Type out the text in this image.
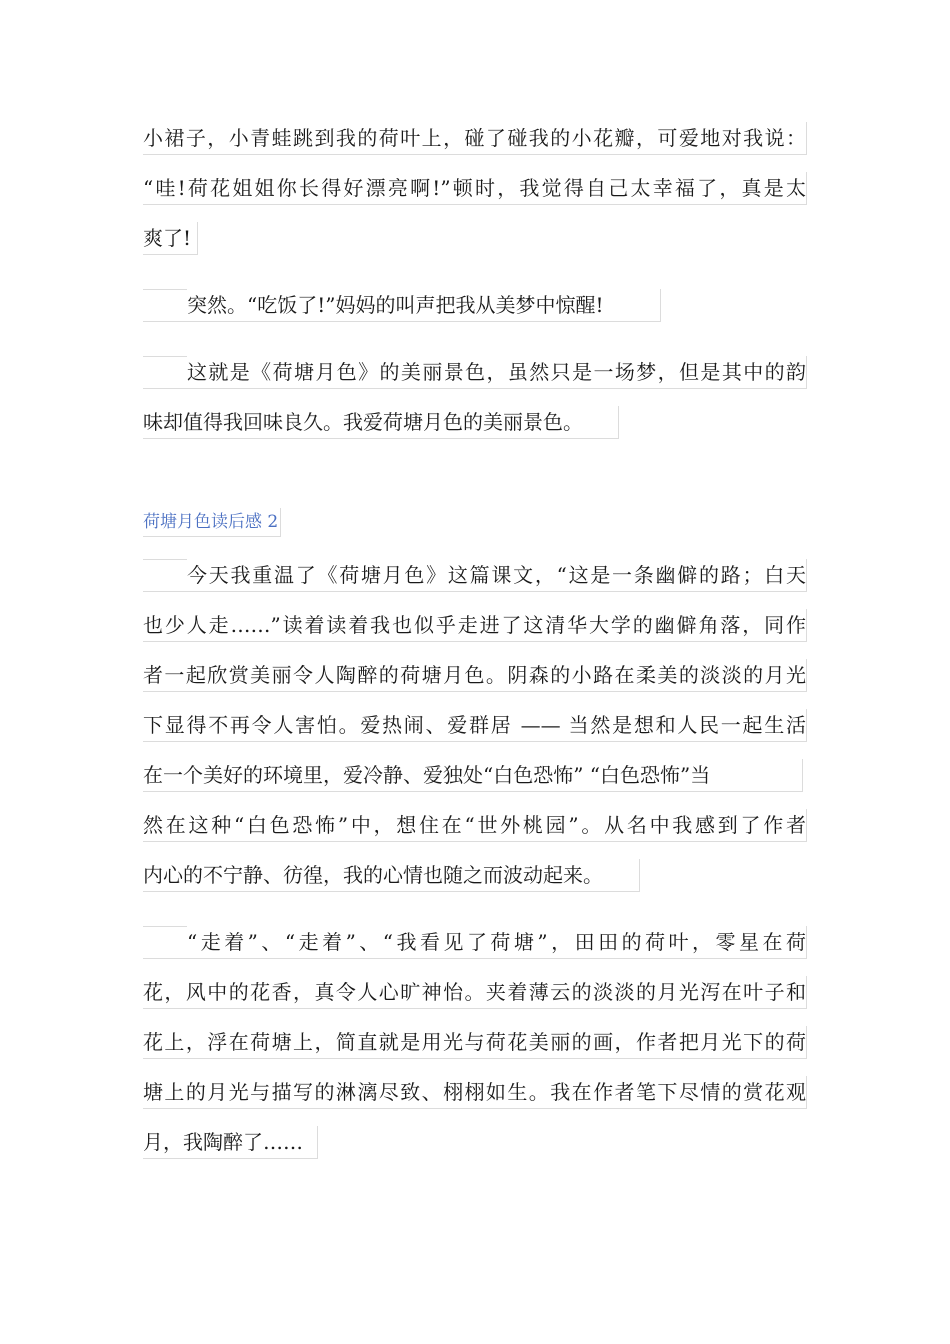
小裙子，小青蛙跳到我的荷叶上，碰了碰我的小花瓣，可爱地对我说：
“哇!荷花姐姐你长得好漂亮啊!”顿时，我觉得自己太幸福了，真是太
爽了!
突然。“吃饭了!”妈妈的叫声把我从美梦中惊醒!
这就是《荷塘月色》的美丽景色，虽然只是一场梦，但是其中的韵
味却值得我回味良久。我爱荷塘月色的美丽景色。
荷塘月色读后感 2
今天我重温了《荷塘月色》这篇课文，“这是一条幽僻的路；白天
也少人走……”读着读着我也似乎走进了这清华大学的幽僻角落，同作
者一起欣赏美丽令人陶醉的荷塘月色。阴森的小路在柔美的淡淡的月光
下显得不再令人害怕。爱热闹、爱群居 —— 当然是想和人民一起生活
在一个美好的环境里，爱冷静、爱独处“白色恐怖” “白色恐怖”当
然在这种“白色恐怖”中，想住在“世外桃园”。从名中我感到了作者
内心的不宁静、彷徨，我的心情也随之而波动起来。
“走着”、“走着”、“我看见了荷塘”，田田的荷叶，零星在荷
花，风中的花香，真令人心旷神怡。夹着薄云的淡淡的月光泻在叶子和
花上，浮在荷塘上，简直就是用光与荷花美丽的画，作者把月光下的荷
塘上的月光与描写的淋漓尽致、栩栩如生。我在作者笔下尽情的赏花观
月，我陶醉了……
